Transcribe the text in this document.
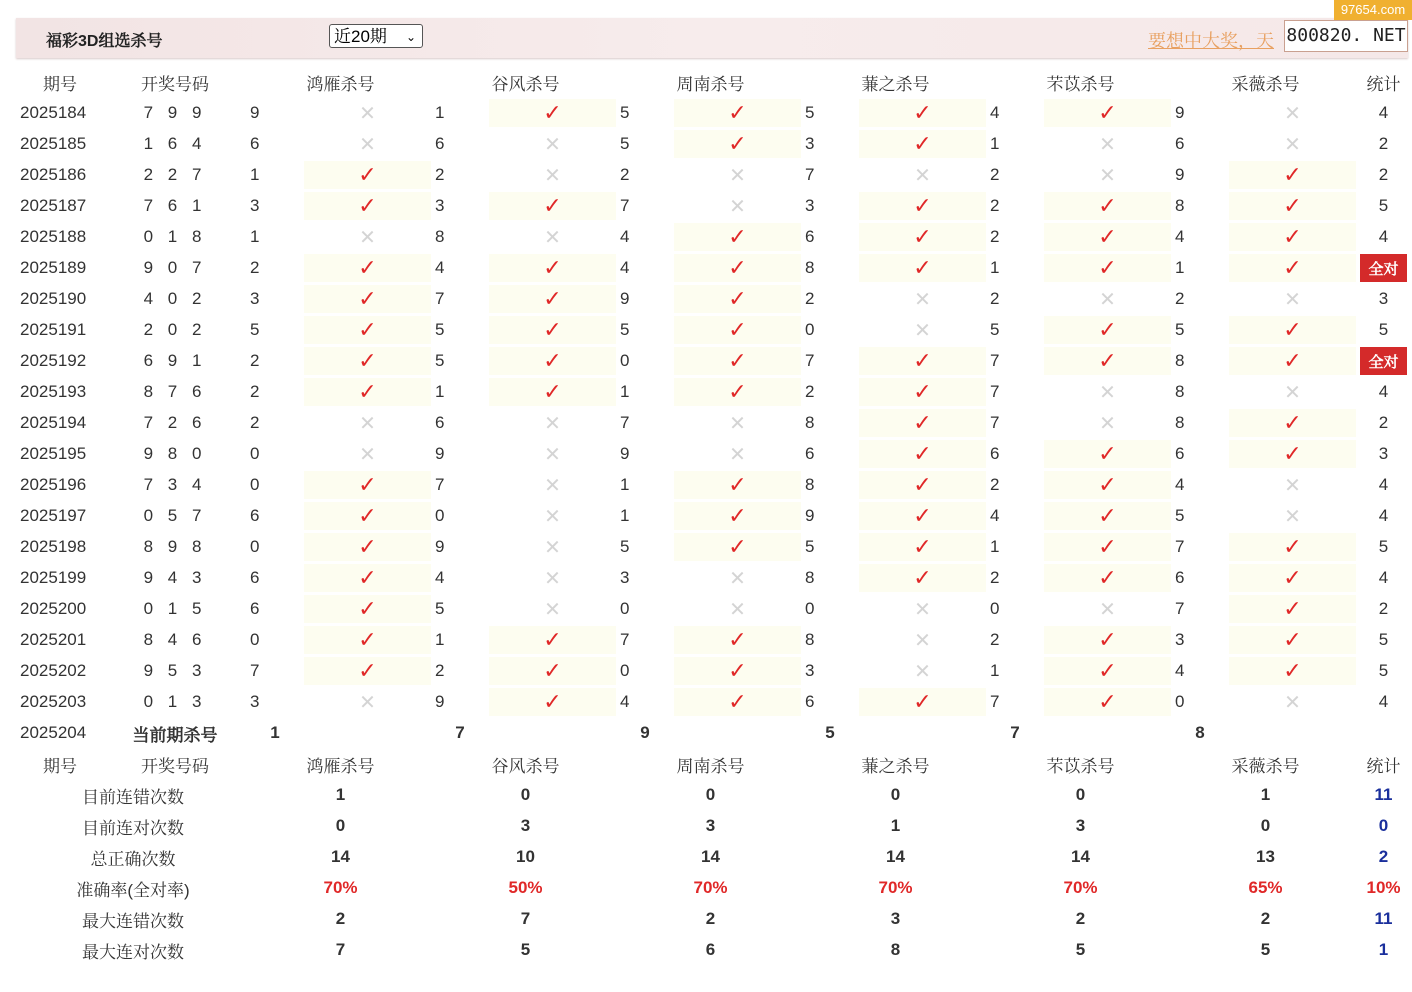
福彩3D组选杀号	近20期 ⌄	要想中大奖，天 800820. NET
97654.com
期号	开奖号码	鸿雁杀号		谷风杀号		周南杀号		蒹之杀号		芣苡杀号		采薇杀号		统计
2025184	7 9 9	9	✕	1	✓	5	✓	5	✓	4	✓	9	✕	4
2025185	1 6 4	6	✕	6	✕	5	✓	3	✓	1	✕	6	✕	2
2025186	2 2 7	1	✓	2	✕	2	✕	7	✕	2	✕	9	✓	2
2025187	7 6 1	3	✓	3	✓	7	✕	3	✓	2	✓	8	✓	5
2025188	0 1 8	1	✕	8	✕	4	✓	6	✓	2	✓	4	✓	4
2025189	9 0 7	2	✓	4	✓	4	✓	8	✓	1	✓	1	✓	全对
2025190	4 0 2	3	✓	7	✓	9	✓	2	✕	2	✕	2	✕	3
2025191	2 0 2	5	✓	5	✓	5	✓	0	✕	5	✓	5	✓	5
2025192	6 9 1	2	✓	5	✓	0	✓	7	✓	7	✓	8	✓	全对
2025193	8 7 6	2	✓	1	✓	1	✓	2	✓	7	✕	8	✕	4
2025194	7 2 6	2	✕	6	✕	7	✕	8	✓	7	✕	8	✓	2
2025195	9 8 0	0	✕	9	✕	9	✕	6	✓	6	✓	6	✓	3
2025196	7 3 4	0	✓	7	✕	1	✓	8	✓	2	✓	4	✕	4
2025197	0 5 7	6	✓	0	✕	1	✓	9	✓	4	✓	5	✕	4
2025198	8 9 8	0	✓	9	✕	5	✓	5	✓	1	✓	7	✓	5
2025199	9 4 3	6	✓	4	✕	3	✕	8	✓	2	✓	6	✓	4
2025200	0 1 5	6	✓	5	✕	0	✕	0	✕	0	✕	7	✓	2
2025201	8 4 6	0	✓	1	✓	7	✓	8	✕	2	✓	3	✓	5
2025202	9 5 3	7	✓	2	✓	0	✓	3	✕	1	✓	4	✓	5
2025203	0 1 3	3	✕	9	✓	4	✓	6	✓	7	✓	0	✕	4
2025204	当前期杀号	1		7		9		5		7		8		
期号	开奖号码	鸿雁杀号		谷风杀号		周南杀号		蒹之杀号		芣苡杀号		采薇杀号		统计
目前连错次数		1		0		0		0		0		1		11
目前连对次数		0		3		3		1		3		0		0
总正确次数		14		10		14		14		14		13		2
准确率(全对率)		70%		50%		70%		70%		70%		65%		10%
最大连错次数		2		7		2		3		2		2		11
最大连对次数		7		5		6		8		5		5		1
